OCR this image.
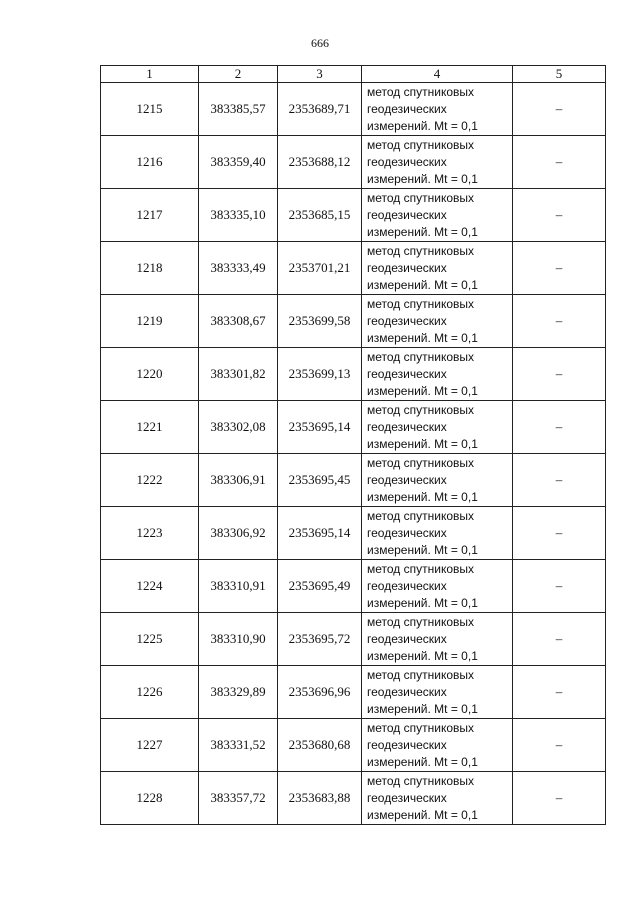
666
1	2	3	4	5
1215	383385,57	2353689,71	метод спутниковых
геодезических
измерений. Mt = 0,1	–
1216	383359,40	2353688,12	метод спутниковых
геодезических
измерений. Mt = 0,1	–
1217	383335,10	2353685,15	метод спутниковых
геодезических
измерений. Mt = 0,1	–
1218	383333,49	2353701,21	метод спутниковых
геодезических
измерений. Mt = 0,1	–
1219	383308,67	2353699,58	метод спутниковых
геодезических
измерений. Mt = 0,1	–
1220	383301,82	2353699,13	метод спутниковых
геодезических
измерений. Mt = 0,1	–
1221	383302,08	2353695,14	метод спутниковых
геодезических
измерений. Mt = 0,1	–
1222	383306,91	2353695,45	метод спутниковых
геодезических
измерений. Mt = 0,1	–
1223	383306,92	2353695,14	метод спутниковых
геодезических
измерений. Mt = 0,1	–
1224	383310,91	2353695,49	метод спутниковых
геодезических
измерений. Mt = 0,1	–
1225	383310,90	2353695,72	метод спутниковых
геодезических
измерений. Mt = 0,1	–
1226	383329,89	2353696,96	метод спутниковых
геодезических
измерений. Mt = 0,1	–
1227	383331,52	2353680,68	метод спутниковых
геодезических
измерений. Mt = 0,1	–
1228	383357,72	2353683,88	метод спутниковых
геодезических
измерений. Mt = 0,1	–
